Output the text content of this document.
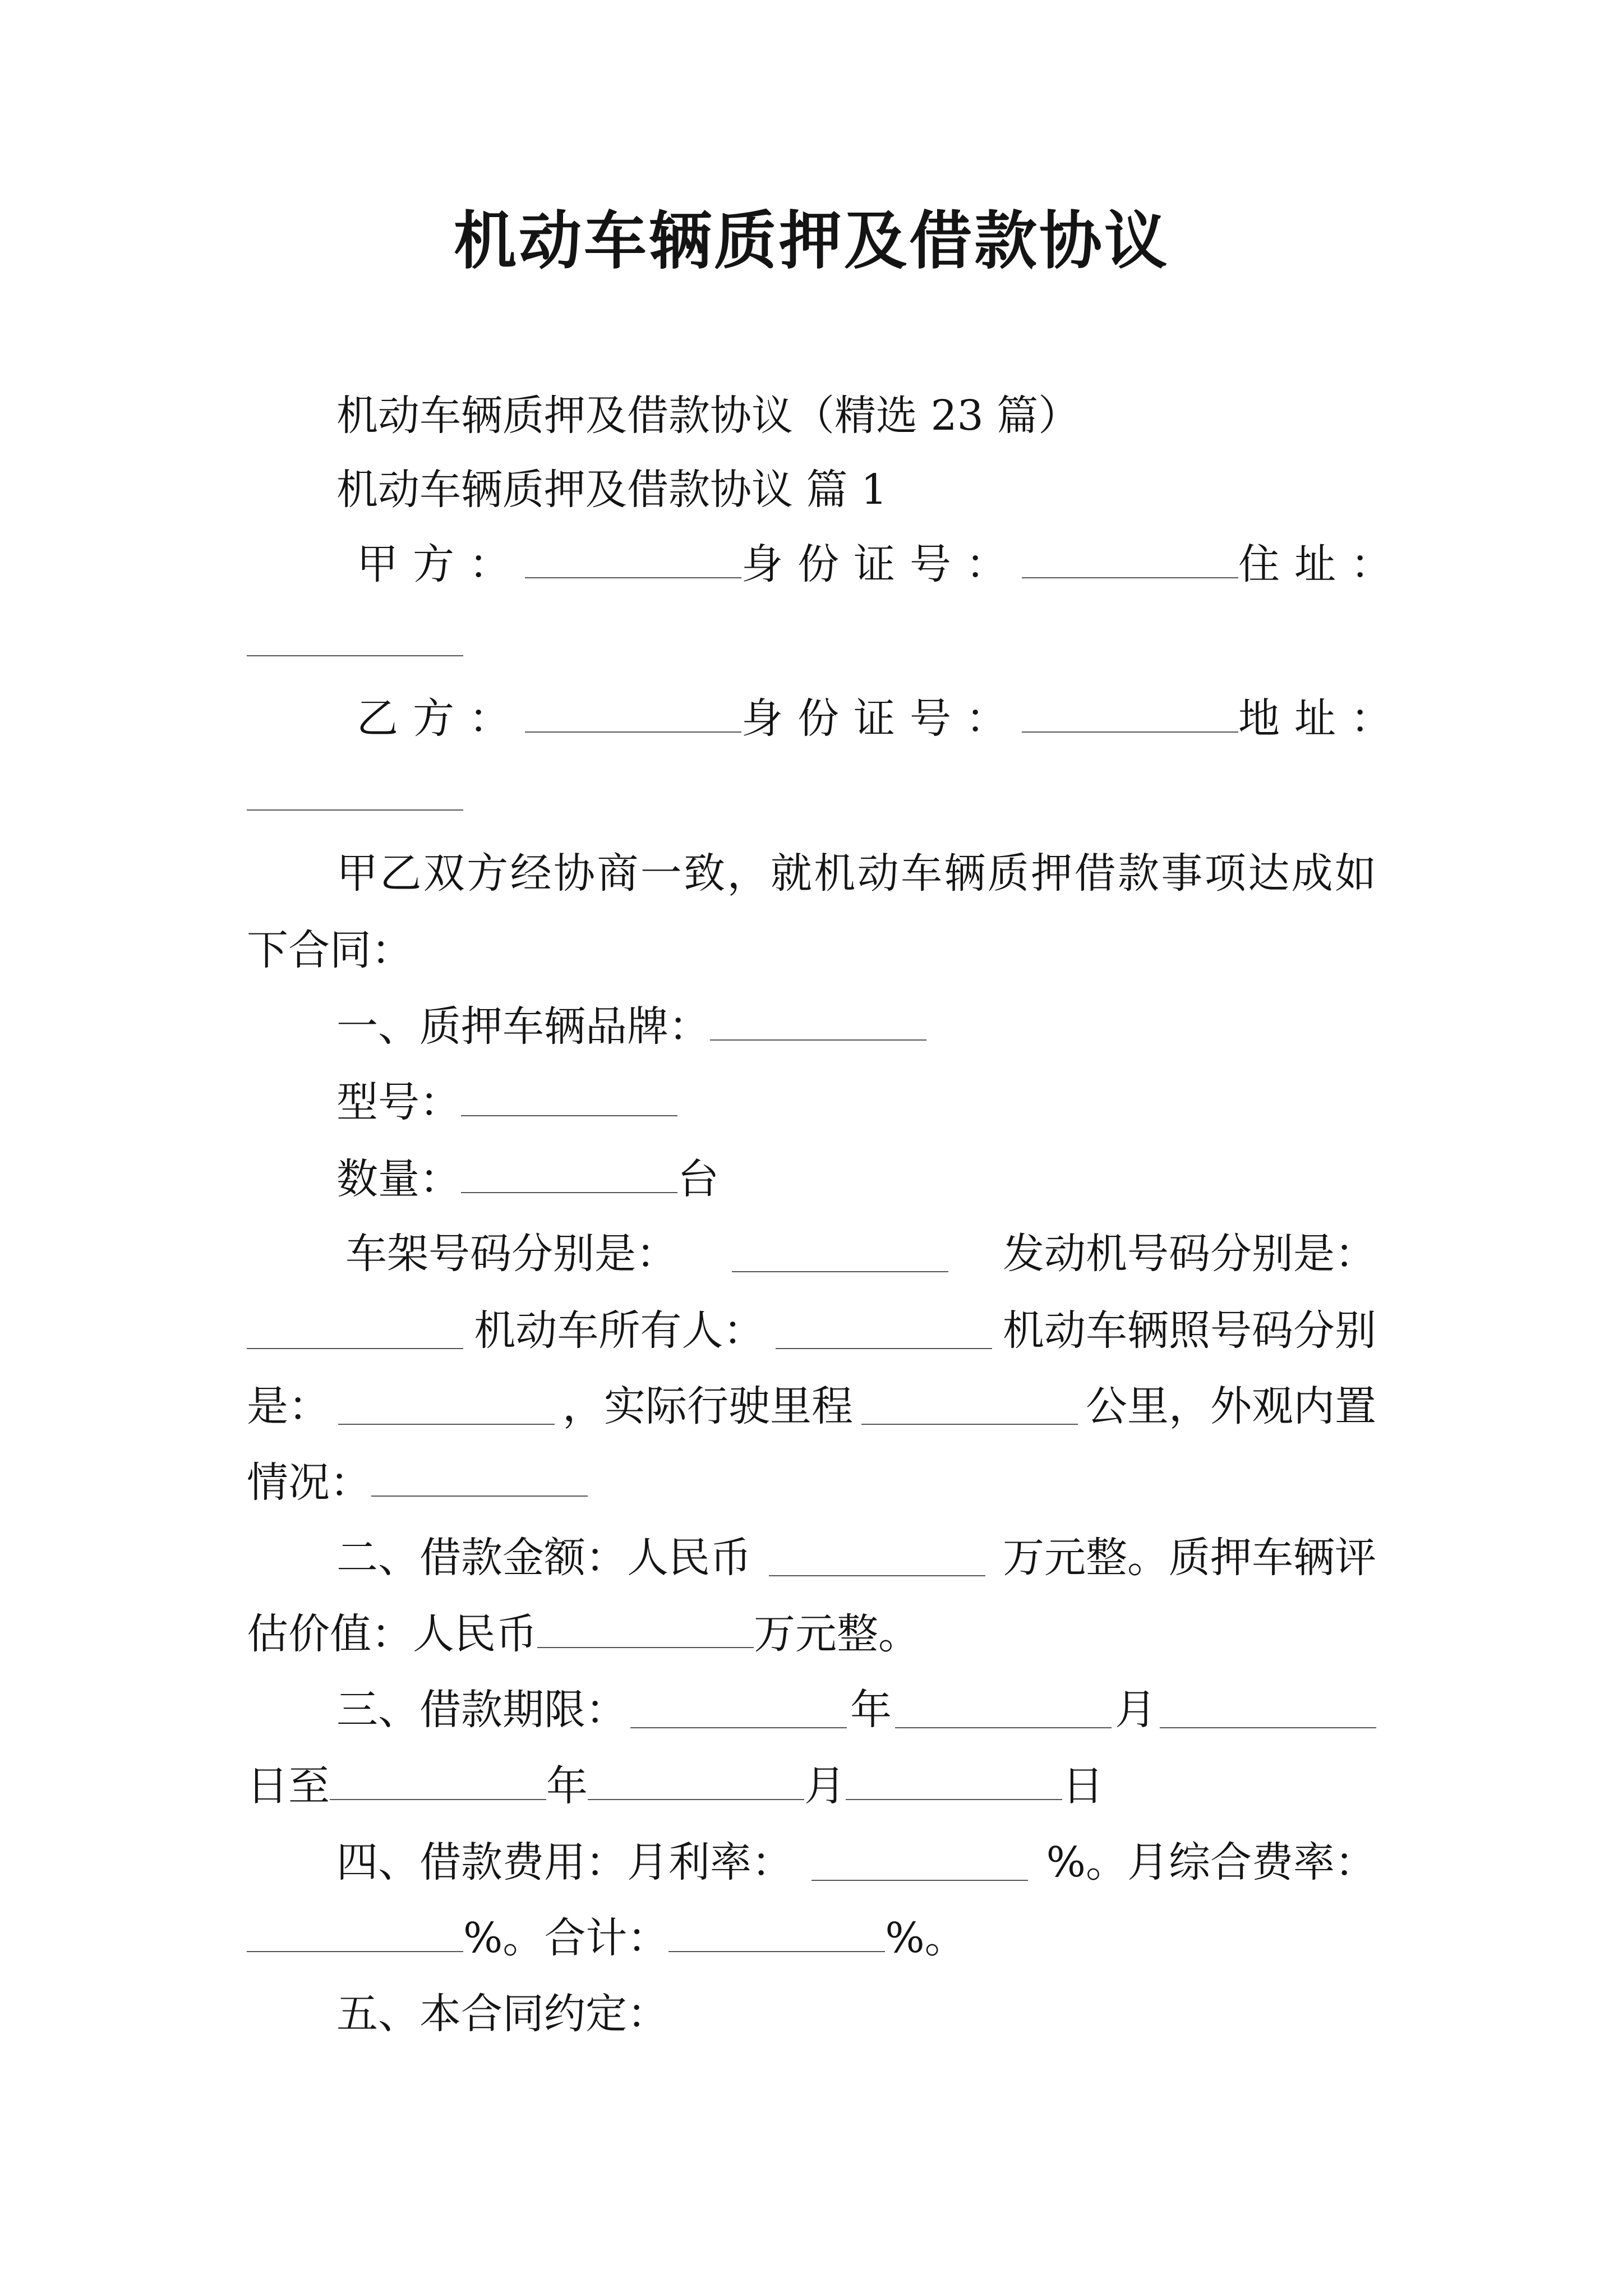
机动车辆质押及借款协议
机动车辆质押及借款协议（精选 23 篇）
机动车辆质押及借款协议 篇 1
甲方：	身份证号：	住址：
乙方：	身份证号：	地址：
甲乙双方经协商一致，就机动车辆质押借款事项达成如
下合同：
一、质押车辆品牌：
型号：
数量：	台
车架号码分别是：	发动机号码分别是：
机动车所有人：	机动车辆照号码分别
是：	，实际行驶里程	公里，外观内置
情况：
二、借款金额：人民币	万元整。质押车辆评
估价值：人民币	万元整。
三、借款期限：	年	月
日至	年	月	日
四、借款费用：月利率：	%。月综合费率：
%。合计：	%。
五、本合同约定：
